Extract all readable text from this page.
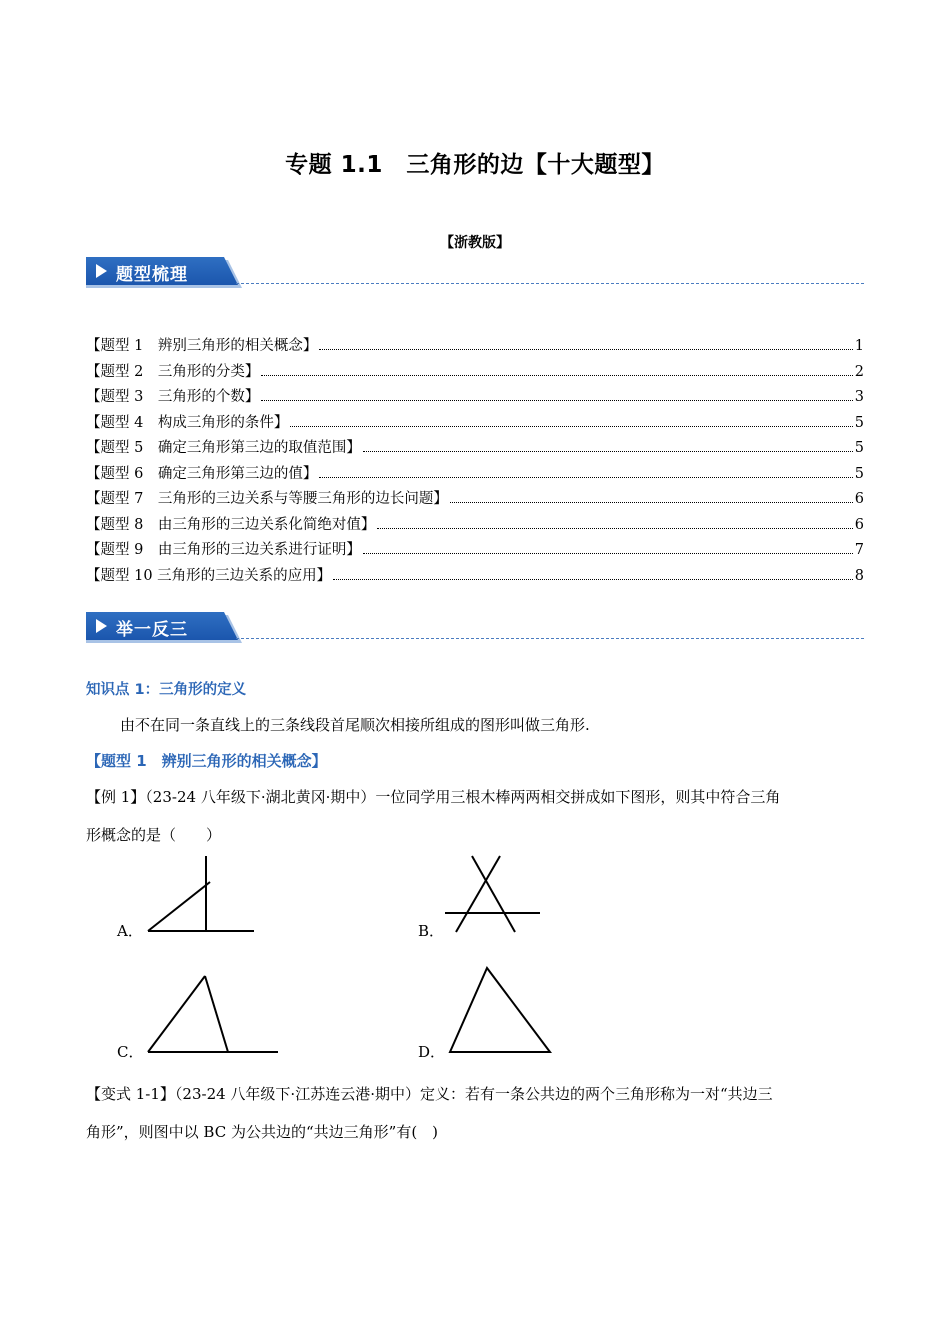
专题 1.1　三角形的边【十大题型】
【浙教版】
题型梳理
【题型 1　辨别三角形的相关概念】	1
【题型 2　三角形的分类】	2
【题型 3　三角形的个数】	3
【题型 4　构成三角形的条件】	5
【题型 5　确定三角形第三边的取值范围】	5
【题型 6　确定三角形第三边的值】	5
【题型 7　三角形的三边关系与等腰三角形的边长问题】	6
【题型 8　由三角形的三边关系化简绝对值】	6
【题型 9　由三角形的三边关系进行证明】	7
【题型 10 三角形的三边关系的应用】	8
举一反三
知识点 1：三角形的定义
由不在同一条直线上的三条线段首尾顺次相接所组成的图形叫做三角形.
【题型 1　辨别三角形的相关概念】
【例 1】（23-24 八年级下·湖北黄冈·期中）一位同学用三根木棒两两相交拼成如下图形，则其中符合三角
形概念的是（　　）
A．	B．
C．	D．
【变式 1-1】（23-24 八年级下·江苏连云港·期中）定义：若有一条公共边的两个三角形称为一对“共边三
角形”，则图中以 BC 为公共边的“共边三角形”有(　)
